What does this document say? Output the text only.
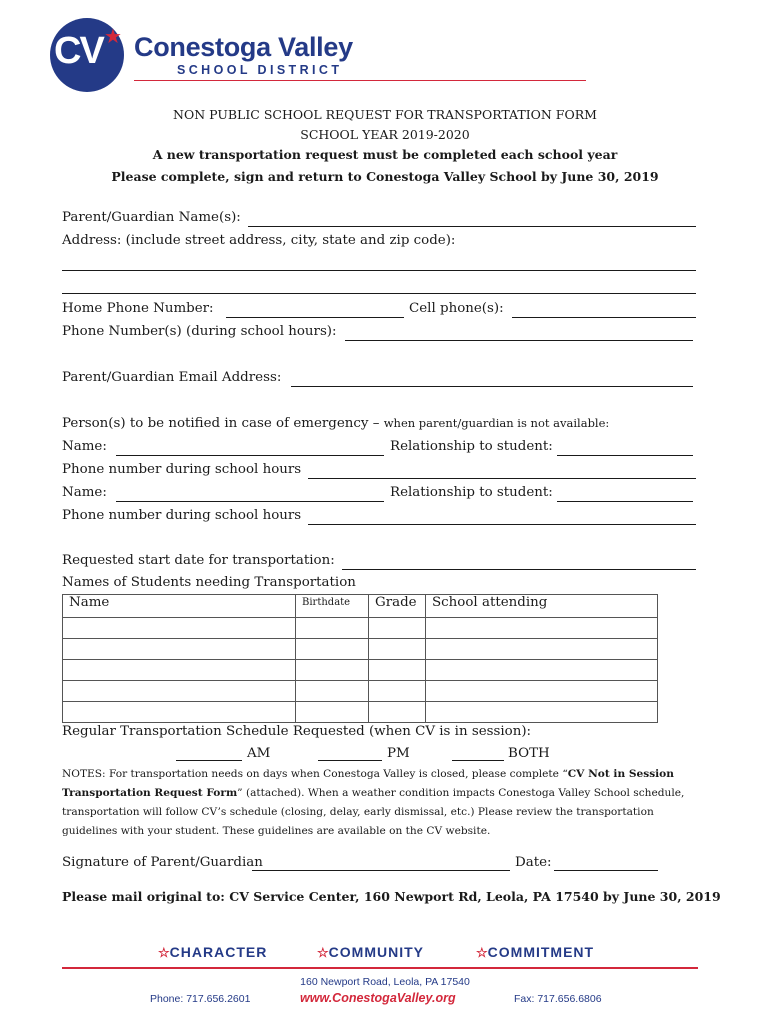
CV ★ Conestoga Valley
SCHOOL DISTRICT
NON PUBLIC SCHOOL REQUEST FOR TRANSPORTATION FORM
SCHOOL YEAR 2019-2020
A new transportation request must be completed each school year
Please complete, sign and return to Conestoga Valley School by June 30, 2019
Parent/Guardian Name(s):
Address: (include street address, city, state and zip code):
Home Phone Number:	Cell phone(s):
Phone Number(s) (during school hours):
Parent/Guardian Email Address:
Person(s) to be notified in case of emergency – when parent/guardian is not available:
Name:	Relationship to student:
Phone number during school hours
Name:	Relationship to student:
Phone number during school hours
Requested start date for transportation:
Names of Students needing Transportation
Name	Birthdate	Grade	School attending

Regular Transportation Schedule Requested (when CV is in session):
AM	PM	BOTH
NOTES: For transportation needs on days when Conestoga Valley is closed, please complete “CV Not in Session Transportation Request Form” (attached). When a weather condition impacts Conestoga Valley School schedule, transportation will follow CV’s schedule (closing, delay, early dismissal, etc.) Please review the transportation guidelines with your student. These guidelines are available on the CV website.
Signature of Parent/Guardian	Date:
Please mail original to: CV Service Center, 160 Newport Rd, Leola, PA 17540 by June 30, 2019
☆CHARACTER	☆COMMUNITY	☆COMMITMENT
160 Newport Road, Leola, PA 17540
Phone: 717.656.2601	www.ConestogaValley.org	Fax: 717.656.6806
